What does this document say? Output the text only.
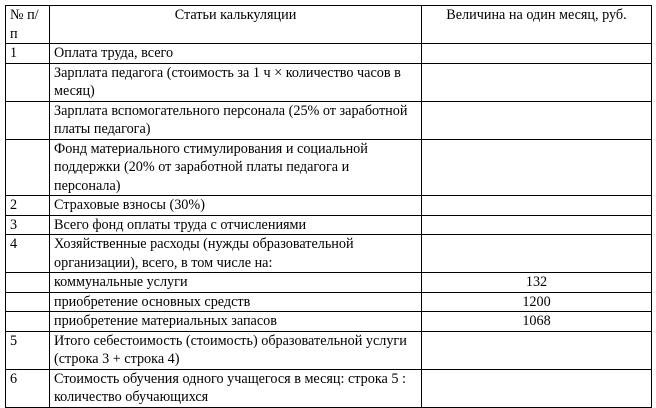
№ п/п	Статьи калькуляции	Величина на один месяц, руб.
1	Оплата труда, всего	
	Зарплата педагога (стоимость за 1 ч × количество часов в месяц)	
	Зарплата вспомогательного персонала (25% от заработной платы педагога)	
	Фонд материального стимулирования и социальной поддержки (20% от заработной платы педагога и персонала)	
2	Страховые взносы (30%)	
3	Всего фонд оплаты труда с отчислениями	
4	Хозяйственные расходы (нужды образовательной организации), всего, в том числе на:	
	коммунальные услуги	132
	приобретение основных средств	1200
	приобретение материальных запасов	1068
5	Итого себестоимость (стоимость) образовательной услуги (строка 3 + строка 4)	
6	Стоимость обучения одного учащегося в месяц: строка 5 : количество обучающихся	
